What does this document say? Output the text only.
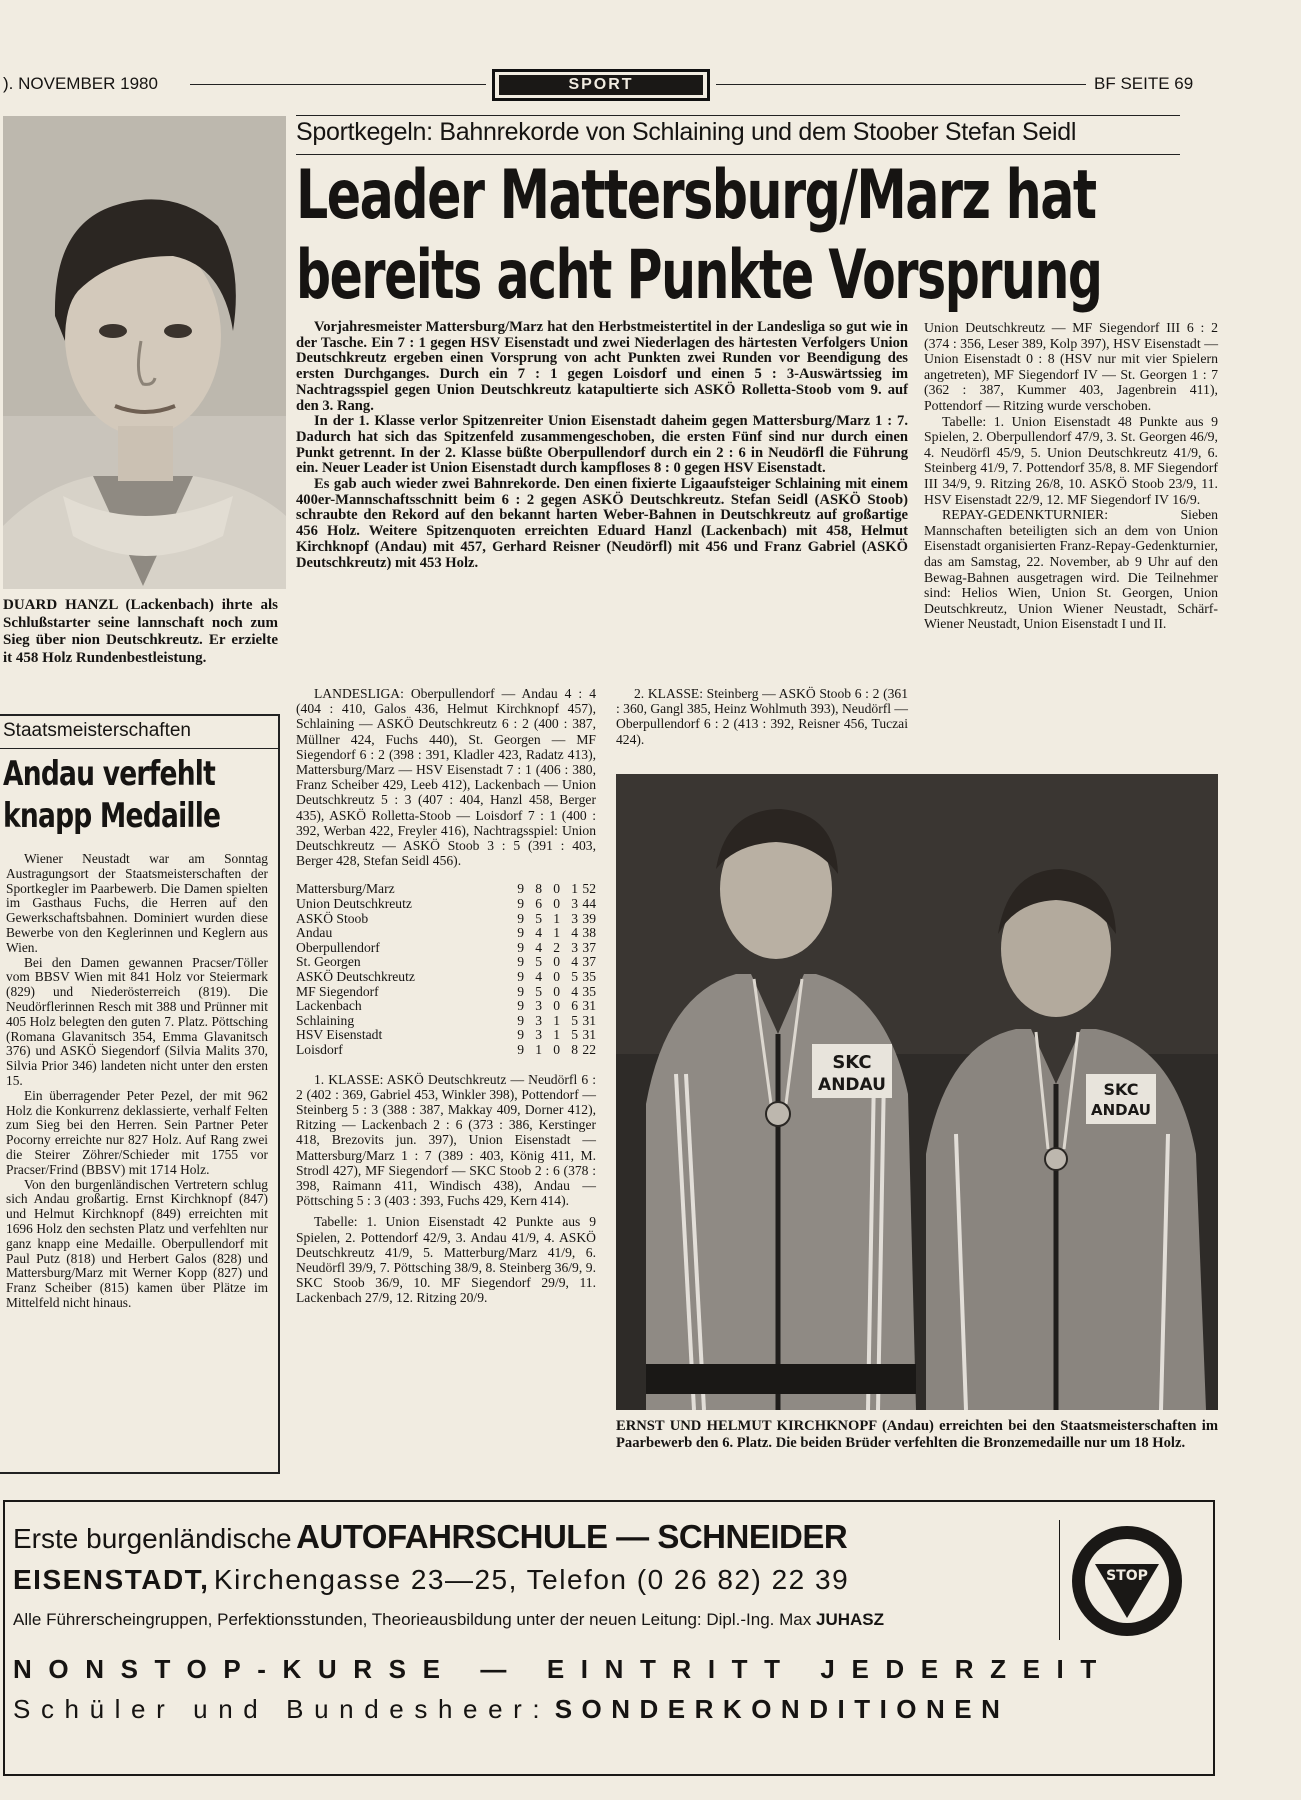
). NOVEMBER 1980	SPORT	BF SEITE 69
DUARD HANZL (Lackenbach) ihrte als Schlußstarter seine lannschaft noch zum Sieg über nion Deutschkreutz. Er erzielte it 458 Holz Rundenbestleistung.
Staatsmeisterschaften
Andau verfehlt
knapp Medaille

Wiener Neustadt war am Sonntag Austragungsort der Staatsmeisterschaften der Sportkegler im Paarbewerb. Die Damen spielten im Gasthaus Fuchs, die Herren auf den Gewerkschaftsbahnen. Dominiert wurden diese Bewerbe von den Keglerinnen und Keglern aus Wien.

Bei den Damen gewannen Pracser/Töller vom BBSV Wien mit 841 Holz vor Steiermark (829) und Niederösterreich (819). Die Neudörflerinnen Resch mit 388 und Prünner mit 405 Holz belegten den guten 7. Platz. Pöttsching (Romana Glavanitsch 354, Emma Glavanitsch 376) und ASKÖ Siegendorf (Silvia Malits 370, Silvia Prior 346) landeten nicht unter den ersten 15.

Ein überragender Peter Pezel, der mit 962 Holz die Konkurrenz deklassierte, verhalf Felten zum Sieg bei den Herren. Sein Partner Peter Pocorny erreichte nur 827 Holz. Auf Rang zwei die Steirer Zöhrer/Schieder mit 1755 vor Pracser/Frind (BBSV) mit 1714 Holz.

Von den burgenländischen Vertretern schlug sich Andau großartig. Ernst Kirchknopf (847) und Helmut Kirchknopf (849) erreichten mit 1696 Holz den sechsten Platz und verfehlten nur ganz knapp eine Medaille. Oberpullendorf mit Paul Putz (818) und Herbert Galos (828) und Mattersburg/Marz mit Werner Kopp (827) und Franz Scheiber (815) kamen über Plätze im Mittelfeld nicht hinaus.

Sportkegeln: Bahnrekorde von Schlaining und dem Stoober Stefan Seidl
Leader Mattersburg/Marz hat
bereits acht Punkte Vorsprung

Vorjahresmeister Mattersburg/Marz hat den Herbstmeistertitel in der Landesliga so gut wie in der Tasche. Ein 7 : 1 gegen HSV Eisenstadt und zwei Niederlagen des härtesten Verfolgers Union Deutschkreutz ergeben einen Vorsprung von acht Punkten zwei Runden vor Beendigung des ersten Durchganges. Durch ein 7 : 1 gegen Loisdorf und einen 5 : 3-Auswärtssieg im Nachtragsspiel gegen Union Deutschkreutz katapultierte sich ASKÖ Rolletta-Stoob vom 9. auf den 3. Rang.

In der 1. Klasse verlor Spitzenreiter Union Eisenstadt daheim gegen Mattersburg/Marz 1 : 7. Dadurch hat sich das Spitzenfeld zusammengeschoben, die ersten Fünf sind nur durch einen Punkt getrennt. In der 2. Klasse büßte Oberpullendorf durch ein 2 : 6 in Neudörfl die Führung ein. Neuer Leader ist Union Eisenstadt durch kampfloses 8 : 0 gegen HSV Eisenstadt.

Es gab auch wieder zwei Bahnrekorde. Den einen fixierte Ligaaufsteiger Schlaining mit einem 400er-Mannschaftsschnitt beim 6 : 2 gegen ASKÖ Deutschkreutz. Stefan Seidl (ASKÖ Stoob) schraubte den Rekord auf den bekannt harten Weber-Bahnen in Deutschkreutz auf großartige 456 Holz. Weitere Spitzenquoten erreichten Eduard Hanzl (Lackenbach) mit 458, Helmut Kirchknopf (Andau) mit 457, Gerhard Reisner (Neudörfl) mit 456 und Franz Gabriel (ASKÖ Deutschkreutz) mit 453 Holz.

Union Deutschkreutz — MF Siegendorf III 6 : 2 (374 : 356, Leser 389, Kolp 397), HSV Eisenstadt — Union Eisenstadt 0 : 8 (HSV nur mit vier Spielern angetreten), MF Siegendorf IV — St. Georgen 1 : 7 (362 : 387, Kummer 403, Jagenbrein 411), Pottendorf — Ritzing wurde verschoben.

Tabelle: 1. Union Eisenstadt 48 Punkte aus 9 Spielen, 2. Oberpullendorf 47/9, 3. St. Georgen 46/9, 4. Neudörfl 45/9, 5. Union Deutschkreutz 41/9, 6. Steinberg 41/9, 7. Pottendorf 35/8, 8. MF Siegendorf III 34/9, 9. Ritzing 26/8, 10. ASKÖ Stoob 23/9, 11. HSV Eisenstadt 22/9, 12. MF Siegendorf IV 16/9.

REPAY-GEDENKTURNIER: Sieben Mannschaften beteiligten sich an dem von Union Eisenstadt organisierten Franz-Repay-Gedenkturnier, das am Samstag, 22. November, ab 9 Uhr auf den Bewag-Bahnen ausgetragen wird. Die Teilnehmer sind: Helios Wien, Union St. Georgen, Union Deutschkreutz, Union Wiener Neustadt, Schärf-Wiener Neustadt, Union Eisenstadt I und II.

LANDESLIGA: Oberpullendorf — Andau 4 : 4 (404 : 410, Galos 436, Helmut Kirchknopf 457), Schlaining — ASKÖ Deutschkreutz 6 : 2 (400 : 387, Müllner 424, Fuchs 440), St. Georgen — MF Siegendorf 6 : 2 (398 : 391, Kladler 423, Radatz 413), Mattersburg/Marz — HSV Eisenstadt 7 : 1 (406 : 380, Franz Scheiber 429, Leeb 412), Lackenbach — Union Deutschkreutz 5 : 3 (407 : 404, Hanzl 458, Berger 435), ASKÖ Rolletta-Stoob — Loisdorf 7 : 1 (400 : 392, Werban 422, Freyler 416), Nachtragsspiel: Union Deutschkreutz — ASKÖ Stoob 3 : 5 (391 : 403, Berger 428, Stefan Seidl 456).

Mattersburg/Marz	9	8	0	1	52
Union Deutschkreutz	9	6	0	3	44
ASKÖ Stoob	9	5	1	3	39
Andau	9	4	1	4	38
Oberpullendorf	9	4	2	3	37
St. Georgen	9	5	0	4	37
ASKÖ Deutschkreutz	9	4	0	5	35
MF Siegendorf	9	5	0	4	35
Lackenbach	9	3	0	6	31
Schlaining	9	3	1	5	31
HSV Eisenstadt	9	3	1	5	31
Loisdorf	9	1	0	8	22

1. KLASSE: ASKÖ Deutschkreutz — Neudörfl 6 : 2 (402 : 369, Gabriel 453, Winkler 398), Pottendorf — Steinberg 5 : 3 (388 : 387, Makkay 409, Dorner 412), Ritzing — Lackenbach 2 : 6 (373 : 386, Kerstinger 418, Brezovits jun. 397), Union Eisenstadt — Mattersburg/Marz 1 : 7 (389 : 403, König 411, M. Strodl 427), MF Siegendorf — SKC Stoob 2 : 6 (378 : 398, Raimann 411, Windisch 438), Andau — Pöttsching 5 : 3 (403 : 393, Fuchs 429, Kern 414).

Tabelle: 1. Union Eisenstadt 42 Punkte aus 9 Spielen, 2. Pottendorf 42/9, 3. Andau 41/9, 4. ASKÖ Deutschkreutz 41/9, 5. Matterburg/Marz 41/9, 6. Neudörfl 39/9, 7. Pöttsching 38/9, 8. Steinberg 36/9, 9. SKC Stoob 36/9, 10. MF Siegendorf 29/9, 11. Lackenbach 27/9, 12. Ritzing 20/9.

2. KLASSE: Steinberg — ASKÖ Stoob 6 : 2 (361 : 360, Gangl 385, Heinz Wohlmuth 393), Neudörfl — Oberpullendorf 6 : 2 (413 : 392, Reisner 456, Tuczai 424).

SKC
ANDAU	SKC
ANDAU
ERNST UND HELMUT KIRCHKNOPF (Andau) erreichten bei den Staatsmeisterschaften im Paarbewerb den 6. Platz. Die beiden Brüder verfehlten die Bronzemedaille nur um 18 Holz.
Erste burgenländische AUTOFAHRSCHULE — SCHNEIDER
EISENSTADT, Kirchengasse 23—25, Telefon (0 26 82) 22 39
Alle Führerscheingruppen, Perfektionsstunden, Theorieausbildung unter der neuen Leitung: Dipl.-Ing. Max JUHASZ
STOP
NONSTOP-KURSE — EINTRITT JEDERZEIT
Schüler und Bundesheer: SONDERKONDITIONEN
